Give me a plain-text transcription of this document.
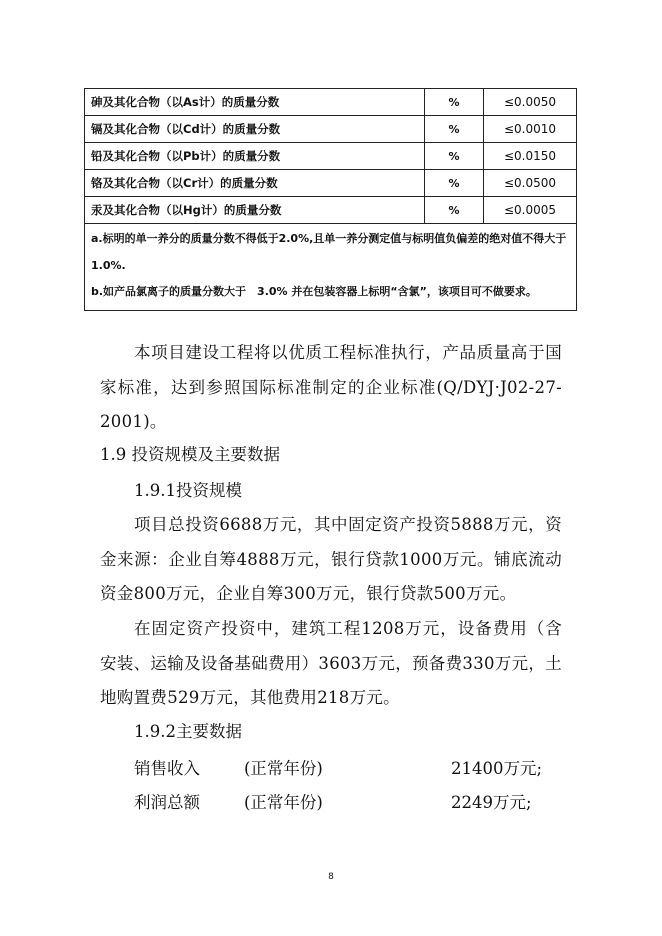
砷及其化合物（以As计）的质量分数	%	≤0.0050
镉及其化合物（以Cd计）的质量分数	%	≤0.0010
铅及其化合物（以Pb计）的质量分数	%	≤0.0150
铬及其化合物（以Cr计）的质量分数	%	≤0.0500
汞及其化合物（以Hg计）的质量分数	%	≤0.0005

a.标明的单一养分的质量分数不得低于2.0%,且单一养分测定值与标明值负偏差的绝对值不得大于1.0%.

b.如产品氯离子的质量分数大于　3.0% 并在包装容器上标明“含氯”，该项目可不做要求。		

本项目建设工程将以优质工程标准执行，产品质量高于国家标准，达到参照国际标准制定的企业标准(Q/DYJ·J02-27-2001)。
1.9 投资规模及主要数据
1.9.1投资规模
项目总投资6688万元，其中固定资产投资5888万元，资金来源：企业自筹4888万元，银行贷款1000万元。铺底流动资金800万元，企业自筹300万元，银行贷款500万元。
在固定资产投资中，建筑工程1208万元，设备费用（含安装、运输及设备基础费用）3603万元，预备费330万元，土地购置费529万元，其他费用218万元。
1.9.2主要数据
销售收入	(正常年份)	21400万元;
利润总额	(正常年份)	2249万元;
8
